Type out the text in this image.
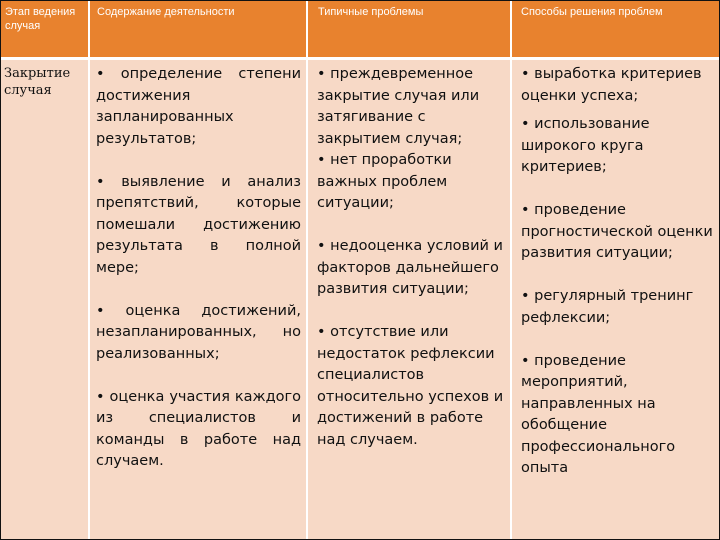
Этап ведения случая
Содержание деятельности	Типичные проблемы	Способы решения проблем
Закрытие случая

• определение степени достижения запланированных результатов;

• выявление и анализ препятствий, которые помешали достижению результата в полной мере;

• оценка достижений, незапланированных, но реализованных;

• оценка участия каждого из специалистов и команды в работе над случаем.

• преждевременное закрытие случая или затягивание с закрытием случая;

• нет проработки важных проблем ситуации;

• недооценка условий и факторов дальнейшего развития ситуации;

• отсутствие или недостаток рефлексии специалистов относительно успехов и достижений в работе над случаем.

• выработка критериев оценки успеха;

• использование широкого круга критериев;

• проведение прогностической оценки развития ситуации;

• регулярный тренинг рефлексии;

• проведение мероприятий, направленных на обобщение профессионального опыта
